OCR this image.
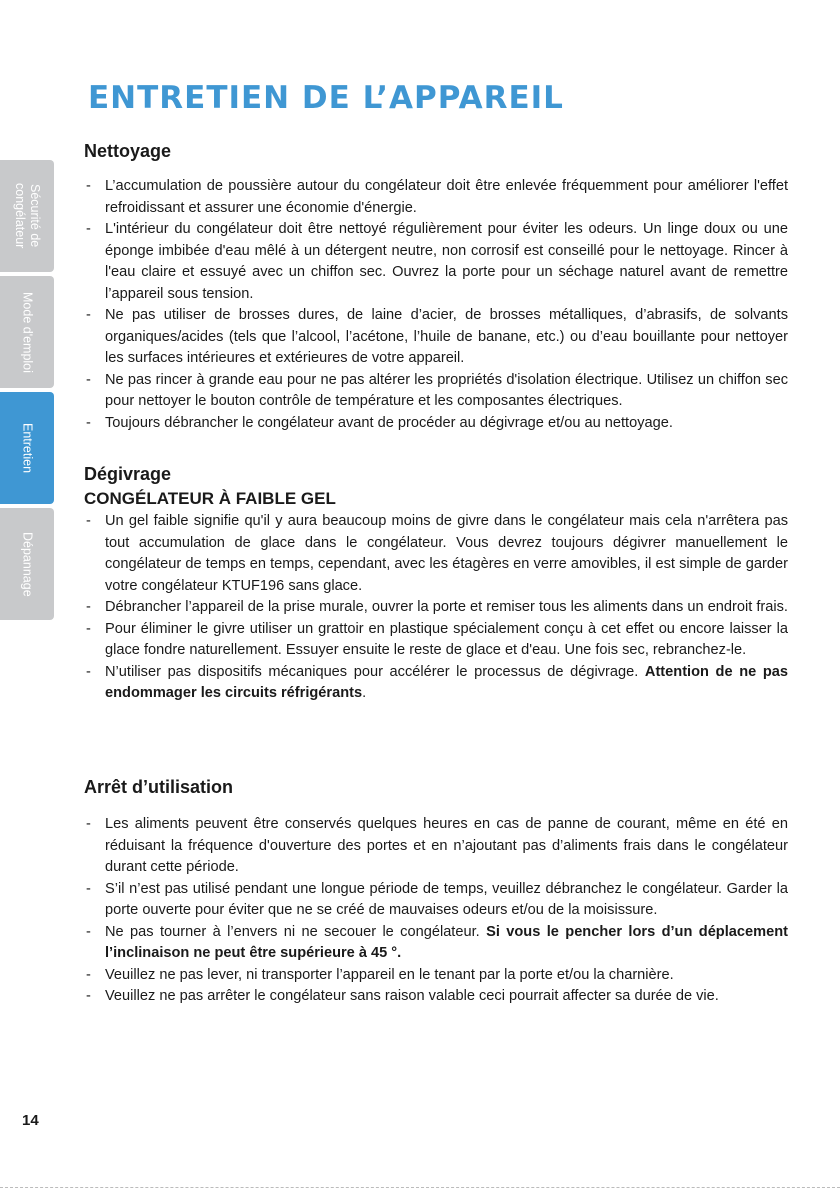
ENTRETIEN DE L’APPAREIL
Sécurité de
congélateur
Mode d'emploi
Entretien
Dépannage
Nettoyage
- L’accumulation de poussière autour du congélateur doit être enlevée fréquemment pour améliorer l'effet refroidissant et assurer une économie d'énergie.
- L'intérieur du congélateur doit être nettoyé régulièrement pour éviter les odeurs. Un linge doux ou une éponge imbibée d'eau mêlé à un détergent neutre, non corrosif est conseillé pour le nettoyage. Rincer à l'eau claire et essuyé avec un chiffon sec. Ouvrez la porte pour un séchage naturel avant de remettre l’appareil sous tension.
- Ne pas utiliser de brosses dures, de laine d’acier, de brosses métalliques, d’abrasifs, de solvants organiques/acides (tels que l’alcool, l’acétone, l’huile de banane, etc.) ou d’eau bouillante pour nettoyer les surfaces intérieures et extérieures de votre appareil.
- Ne pas rincer à grande eau pour ne pas altérer les propriétés d'isolation électrique. Utilisez un chiffon sec pour nettoyer le bouton contrôle de température et les composantes électriques.
- Toujours débrancher le congélateur avant de procéder au dégivrage et/ou au nettoyage.
Dégivrage
CONGÉLATEUR À FAIBLE GEL
- Un gel faible signifie qu'il y aura beaucoup moins de givre dans le congélateur mais cela n'arrêtera pas tout accumulation de glace dans le congélateur. Vous devrez toujours dégivrer manuellement le congélateur de temps en temps, cependant, avec les étagères en verre amovibles, il est simple de garder votre congélateur KTUF196 sans glace.
- Débrancher l’appareil de la prise murale, ouvrer la porte et remiser tous les aliments dans un endroit frais.
- Pour éliminer le givre utiliser un grattoir en plastique spécialement conçu à cet effet ou encore laisser la glace fondre naturellement. Essuyer ensuite le reste de glace et d'eau. Une fois sec, rebranchez-le.
- N’utiliser pas dispositifs mécaniques pour accélérer le processus de dégivrage. Attention de ne pas endommager les circuits réfrigérants.
Arrêt d’utilisation
- Les aliments peuvent être conservés quelques heures en cas de panne de courant, même en été en réduisant la fréquence d'ouverture des portes et en n’ajoutant pas d’aliments frais dans le congélateur durant cette période.
- S’il n’est pas utilisé pendant une longue période de temps, veuillez débranchez le congélateur. Garder la porte ouverte pour éviter que ne se créé de mauvaises odeurs et/ou de la moisissure.
- Ne pas tourner à l’envers ni ne secouer le congélateur. Si vous le pencher lors d’un déplacement l’inclinaison ne peut être supérieure à 45 °.
- Veuillez ne pas lever, ni transporter l’appareil en le tenant par la porte et/ou la charnière.
- Veuillez ne pas arrêter le congélateur sans raison valable ceci pourrait affecter sa durée de vie.
14
